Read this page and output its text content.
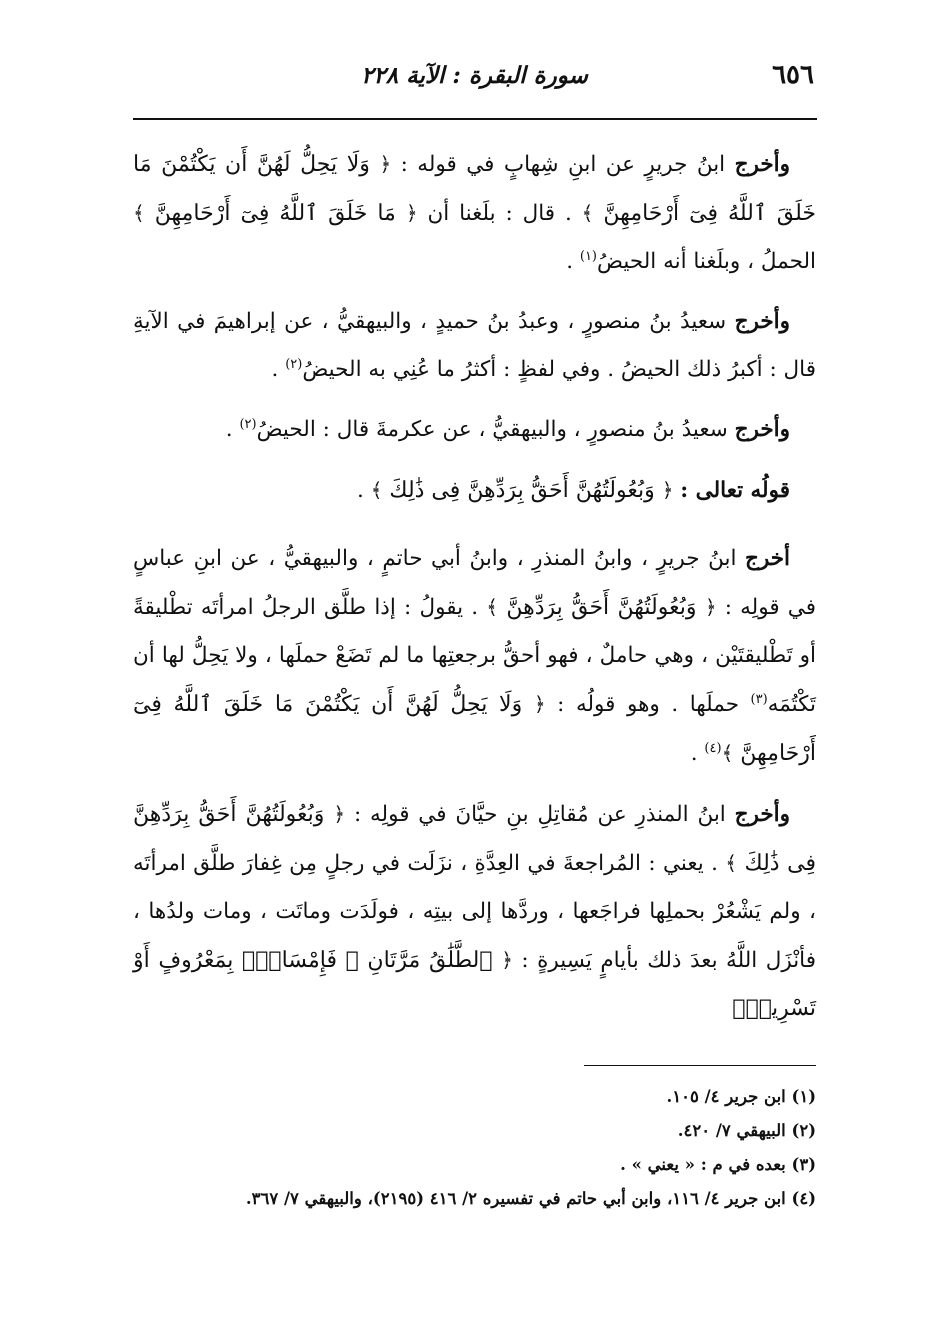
٦٥٦
سورة البقرة : الآية ٢٢٨

وأخرج ابنُ جريرٍ عن ابنِ شِهابٍ في قوله : ﴿ وَلَا يَحِلُّ لَهُنَّ أَن يَكْتُمْنَ مَا خَلَقَ ٱللَّهُ فِىٓ أَرْحَامِهِنَّ ﴾ . قال : بلَغنا أن ﴿ مَا خَلَقَ ٱللَّهُ فِىٓ أَرْحَامِهِنَّ ﴾ الحملُ ، وبلَغنا أنه الحيضُ$^{(١)}$ .

وأخرج سعيدُ بنُ منصورٍ ، وعبدُ بنُ حميدٍ ، والبيهقيُّ ، عن إبراهيمَ في الآيةِ قال : أكبرُ ذلك الحيضُ . وفي لفظٍ : أكثرُ ما عُنِي به الحيضُ$^{(٢)}$ .

وأخرج سعيدُ بنُ منصورٍ ، والبيهقيُّ ، عن عكرمةَ قال : الحيضُ$^{(٢)}$ .

قولُه تعالى : ﴿ وَبُعُولَتُهُنَّ أَحَقُّ بِرَدِّهِنَّ فِى ذَٰلِكَ ﴾ .

أخرج ابنُ جريرٍ ، وابنُ المنذرِ ، وابنُ أبي حاتمٍ ، والبيهقيُّ ، عن ابنِ عباسٍ في قولِه : ﴿ وَبُعُولَتُهُنَّ أَحَقُّ بِرَدِّهِنَّ ﴾ . يقولُ : إذا طلَّق الرجلُ امرأتَه تطْليقةً أو تَطْليقتَيْن ، وهي حاملٌ ، فهو أحقُّ برجعتِها ما لم تَضَعْ حملَها ، ولا يَحِلُّ لها أن تَكْتُمَه$^{(٣)}$ حملَها . وهو قولُه : ﴿ وَلَا يَحِلُّ لَهُنَّ أَن يَكْتُمْنَ مَا خَلَقَ ٱللَّهُ فِىٓ أَرْحَامِهِنَّ ﴾$^{(٤)}$ .

وأخرج ابنُ المنذرِ عن مُقاتِلِ بنِ حيَّانَ في قولِه : ﴿ وَبُعُولَتُهُنَّ أَحَقُّ بِرَدِّهِنَّ فِى ذَٰلِكَ ﴾ . يعني : المُراجعةَ في العِدَّةِ ، نزَلَت في رجلٍ مِن غِفارَ طلَّق امرأتَه ، ولم يَشْعُرْ بحملِها فراجَعها ، وردَّها إلى بيتِه ، فولَدَت وماتَت ، ومات ولدُها ، فأنْزَل اللَّهُ بعدَ ذلك بأيامٍ يَسِيرةٍ : ﴿ ٱلطَّلَٰقُ مَرَّتَانِ ۖ فَإِمْسَاكٌۢ بِمَعْرُوفٍ أَوْ تَسْرِيحٌۢ

(١) ابن جرير ٤/ ١٠٥.

(٢) البيهقي ٧/ ٤٢٠.

(٣) بعده في م : « يعني » .

(٤) ابن جرير ٤/ ١١٦، وابن أبي حاتم في تفسيره ٢/ ٤١٦ (٢١٩٥)، والبيهقي ٧/ ٣٦٧.
